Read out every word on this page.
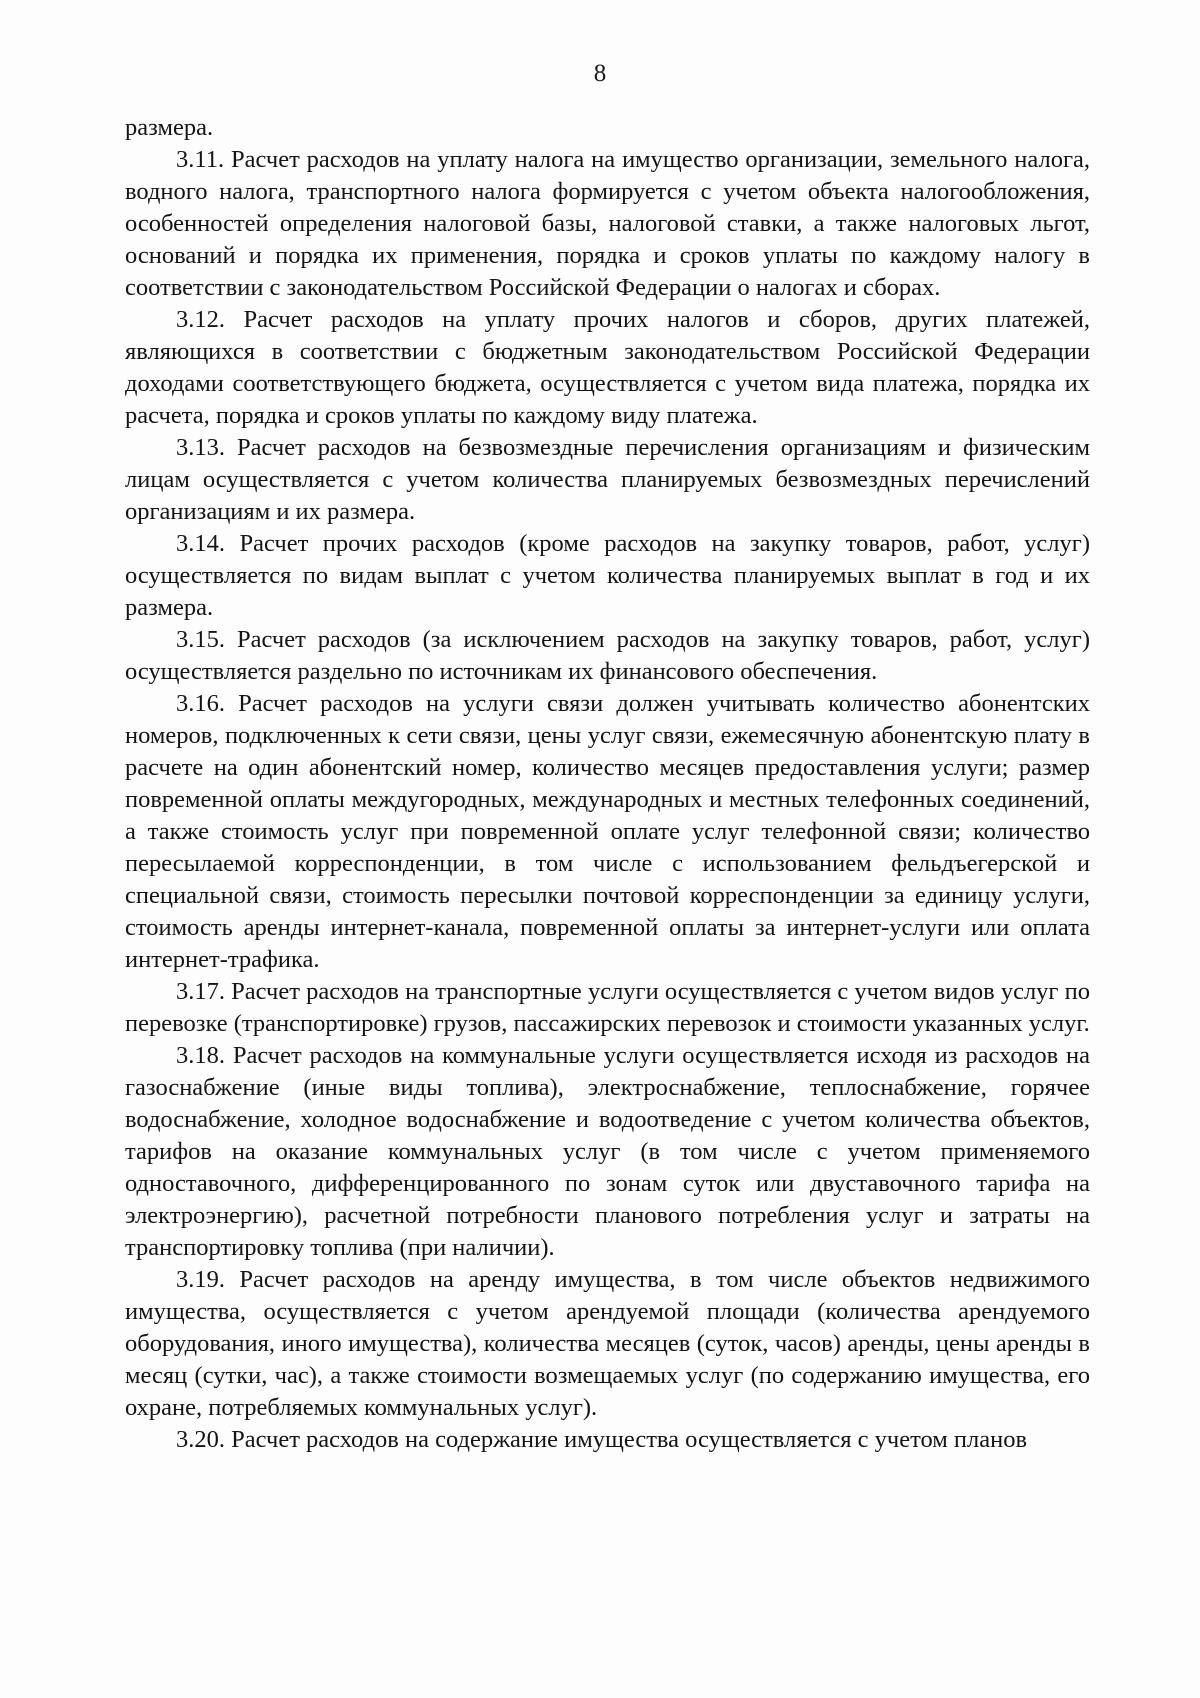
8

размера.

3.11. Расчет расходов на уплату налога на имущество организации, земельного налога, водного налога, транспортного налога формируется с учетом объекта налогообложения, особенностей определения налоговой базы, налоговой ставки, а также налоговых льгот, оснований и порядка их применения, порядка и сроков уплаты по каждому налогу в соответствии с законодательством Российской Федерации о налогах и сборах.

3.12. Расчет расходов на уплату прочих налогов и сборов, других платежей, являющихся в соответствии с бюджетным законодательством Российской Федерации доходами соответствующего бюджета, осуществляется с учетом вида платежа, порядка их расчета, порядка и сроков уплаты по каждому виду платежа.

3.13. Расчет расходов на безвозмездные перечисления организациям и физическим лицам осуществляется с учетом количества планируемых безвозмездных перечислений организациям и их размера.

3.14. Расчет прочих расходов (кроме расходов на закупку товаров, работ, услуг) осуществляется по видам выплат с учетом количества планируемых выплат в год и их размера.

3.15. Расчет расходов (за исключением расходов на закупку товаров, работ, услуг) осуществляется раздельно по источникам их финансового обеспечения.

3.16. Расчет расходов на услуги связи должен учитывать количество абонентских номеров, подключенных к сети связи, цены услуг связи, ежемесячную абонентскую плату в расчете на один абонентский номер, количество месяцев предоставления услуги; размер повременной оплаты междугородных, международных и местных телефонных соединений, а также стоимость услуг при повременной оплате услуг телефонной связи; количество пересылаемой корреспонденции, в том числе с использованием фельдъегерской и специальной связи, стоимость пересылки почтовой корреспонденции за единицу услуги, стоимость аренды интернет-канала, повременной оплаты за интернет-услуги или оплата интернет-трафика.

3.17. Расчет расходов на транспортные услуги осуществляется с учетом видов услуг по перевозке (транспортировке) грузов, пассажирских перевозок и стоимости указанных услуг.

3.18. Расчет расходов на коммунальные услуги осуществляется исходя из расходов на газоснабжение (иные виды топлива), электроснабжение, теплоснабжение, горячее водоснабжение, холодное водоснабжение и водоотведение с учетом количества объектов, тарифов на оказание коммунальных услуг (в том числе с учетом применяемого одноставочного, дифференцированного по зонам суток или двуставочного тарифа на электроэнергию), расчетной потребности планового потребления услуг и затраты на транспортировку топлива (при наличии).

3.19. Расчет расходов на аренду имущества, в том числе объектов недвижимого имущества, осуществляется с учетом арендуемой площади (количества арендуемого оборудования, иного имущества), количества месяцев (суток, часов) аренды, цены аренды в месяц (сутки, час), а также стоимости возмещаемых услуг (по содержанию имущества, его охране, потребляемых коммунальных услуг).

3.20. Расчет расходов на содержание имущества осуществляется с учетом планов
